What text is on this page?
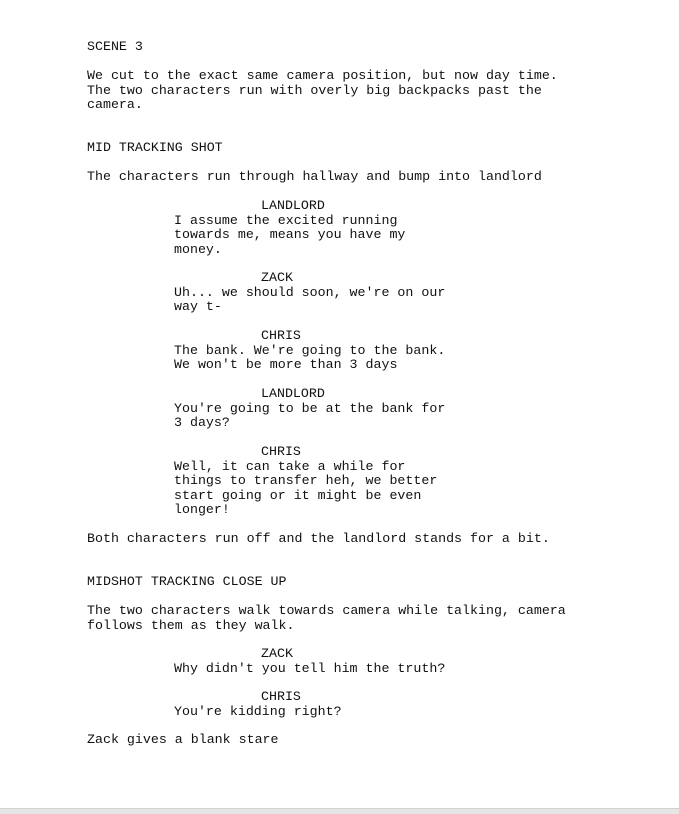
SCENE 3
We cut to the exact same camera position, but now day time.
The two characters run with overly big backpacks past the
camera.
MID TRACKING SHOT
The characters run through hallway and bump into landlord
LANDLORD
I assume the excited running
towards me, means you have my
money.
ZACK
Uh... we should soon, we're on our
way t-
CHRIS
The bank. We're going to the bank.
We won't be more than 3 days
LANDLORD
You're going to be at the bank for
3 days?
CHRIS
Well, it can take a while for
things to transfer heh, we better
start going or it might be even
longer!
Both characters run off and the landlord stands for a bit.
MIDSHOT TRACKING CLOSE UP
The two characters walk towards camera while talking, camera
follows them as they walk.
ZACK
Why didn't you tell him the truth?
CHRIS
You're kidding right?
Zack gives a blank stare
